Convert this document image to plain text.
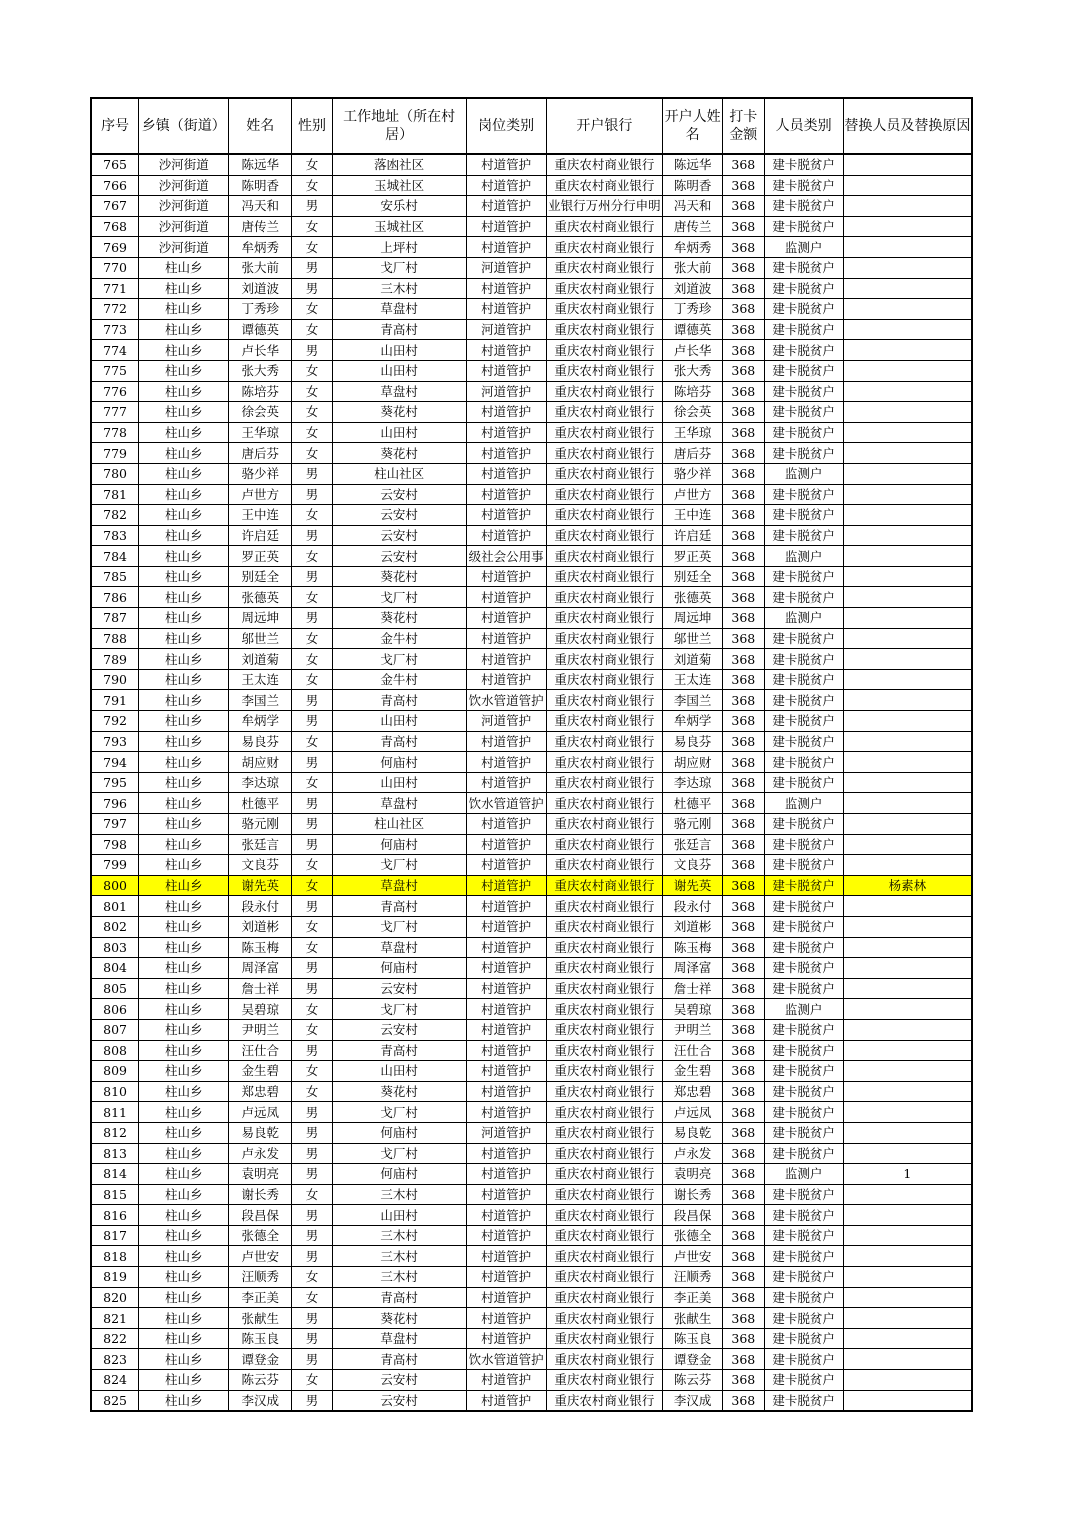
序号	乡镇（街道）	姓名	性别	工作地址（所在村居）	岗位类别	开户银行	开户人姓名	打卡金额	人员类别	替换人员及替换原因
765	沙河街道	陈远华	女	落凼社区	村道管护	重庆农村商业银行	陈远华	368	建卡脱贫户	
766	沙河街道	陈明香	女	玉城社区	村道管护	重庆农村商业银行	陈明香	368	建卡脱贫户	
767	沙河街道	冯天和	男	安乐村	村道管护	业银行万州分行申明	冯天和	368	建卡脱贫户	
768	沙河街道	唐传兰	女	玉城社区	村道管护	重庆农村商业银行	唐传兰	368	建卡脱贫户	
769	沙河街道	牟炳秀	女	上坪村	村道管护	重庆农村商业银行	牟炳秀	368	监测户	
770	柱山乡	张大前	男	戈厂村	河道管护	重庆农村商业银行	张大前	368	建卡脱贫户	
771	柱山乡	刘道波	男	三木村	村道管护	重庆农村商业银行	刘道波	368	建卡脱贫户	
772	柱山乡	丁秀珍	女	草盘村	村道管护	重庆农村商业银行	丁秀珍	368	建卡脱贫户	
773	柱山乡	谭德英	女	青高村	河道管护	重庆农村商业银行	谭德英	368	建卡脱贫户	
774	柱山乡	卢长华	男	山田村	村道管护	重庆农村商业银行	卢长华	368	建卡脱贫户	
775	柱山乡	张大秀	女	山田村	村道管护	重庆农村商业银行	张大秀	368	建卡脱贫户	
776	柱山乡	陈培芬	女	草盘村	河道管护	重庆农村商业银行	陈培芬	368	建卡脱贫户	
777	柱山乡	徐会英	女	葵花村	村道管护	重庆农村商业银行	徐会英	368	建卡脱贫户	
778	柱山乡	王华琼	女	山田村	村道管护	重庆农村商业银行	王华琼	368	建卡脱贫户	
779	柱山乡	唐后芬	女	葵花村	村道管护	重庆农村商业银行	唐后芬	368	建卡脱贫户	
780	柱山乡	骆少祥	男	柱山社区	村道管护	重庆农村商业银行	骆少祥	368	监测户	
781	柱山乡	卢世方	男	云安村	村道管护	重庆农村商业银行	卢世方	368	建卡脱贫户	
782	柱山乡	王中连	女	云安村	村道管护	重庆农村商业银行	王中连	368	建卡脱贫户	
783	柱山乡	许启廷	男	云安村	村道管护	重庆农村商业银行	许启廷	368	建卡脱贫户	
784	柱山乡	罗正英	女	云安村	级社会公用事	重庆农村商业银行	罗正英	368	监测户	
785	柱山乡	别廷全	男	葵花村	村道管护	重庆农村商业银行	别廷全	368	建卡脱贫户	
786	柱山乡	张德英	女	戈厂村	村道管护	重庆农村商业银行	张德英	368	建卡脱贫户	
787	柱山乡	周远坤	男	葵花村	村道管护	重庆农村商业银行	周远坤	368	监测户	
788	柱山乡	邬世兰	女	金牛村	村道管护	重庆农村商业银行	邬世兰	368	建卡脱贫户	
789	柱山乡	刘道菊	女	戈厂村	村道管护	重庆农村商业银行	刘道菊	368	建卡脱贫户	
790	柱山乡	王太连	女	金牛村	村道管护	重庆农村商业银行	王太连	368	建卡脱贫户	
791	柱山乡	李国兰	男	青高村	饮水管道管护	重庆农村商业银行	李国兰	368	建卡脱贫户	
792	柱山乡	牟炳学	男	山田村	河道管护	重庆农村商业银行	牟炳学	368	建卡脱贫户	
793	柱山乡	易良芬	女	青高村	村道管护	重庆农村商业银行	易良芬	368	建卡脱贫户	
794	柱山乡	胡应财	男	何庙村	村道管护	重庆农村商业银行	胡应财	368	建卡脱贫户	
795	柱山乡	李达琼	女	山田村	村道管护	重庆农村商业银行	李达琼	368	建卡脱贫户	
796	柱山乡	杜德平	男	草盘村	饮水管道管护	重庆农村商业银行	杜德平	368	监测户	
797	柱山乡	骆元刚	男	柱山社区	村道管护	重庆农村商业银行	骆元刚	368	建卡脱贫户	
798	柱山乡	张廷言	男	何庙村	村道管护	重庆农村商业银行	张廷言	368	建卡脱贫户	
799	柱山乡	文良芬	女	戈厂村	村道管护	重庆农村商业银行	文良芬	368	建卡脱贫户	
800	柱山乡	谢先英	女	草盘村	村道管护	重庆农村商业银行	谢先英	368	建卡脱贫户	杨素林
801	柱山乡	段永付	男	青高村	村道管护	重庆农村商业银行	段永付	368	建卡脱贫户	
802	柱山乡	刘道彬	女	戈厂村	村道管护	重庆农村商业银行	刘道彬	368	建卡脱贫户	
803	柱山乡	陈玉梅	女	草盘村	村道管护	重庆农村商业银行	陈玉梅	368	建卡脱贫户	
804	柱山乡	周泽富	男	何庙村	村道管护	重庆农村商业银行	周泽富	368	建卡脱贫户	
805	柱山乡	詹士祥	男	云安村	村道管护	重庆农村商业银行	詹士祥	368	建卡脱贫户	
806	柱山乡	吴碧琼	女	戈厂村	村道管护	重庆农村商业银行	吴碧琼	368	监测户	
807	柱山乡	尹明兰	女	云安村	村道管护	重庆农村商业银行	尹明兰	368	建卡脱贫户	
808	柱山乡	汪仕合	男	青高村	村道管护	重庆农村商业银行	汪仕合	368	建卡脱贫户	
809	柱山乡	金生碧	女	山田村	村道管护	重庆农村商业银行	金生碧	368	建卡脱贫户	
810	柱山乡	郑忠碧	女	葵花村	村道管护	重庆农村商业银行	郑忠碧	368	建卡脱贫户	
811	柱山乡	卢远凤	男	戈厂村	村道管护	重庆农村商业银行	卢远凤	368	建卡脱贫户	
812	柱山乡	易良乾	男	何庙村	河道管护	重庆农村商业银行	易良乾	368	建卡脱贫户	
813	柱山乡	卢永发	男	戈厂村	村道管护	重庆农村商业银行	卢永发	368	建卡脱贫户	
814	柱山乡	袁明亮	男	何庙村	村道管护	重庆农村商业银行	袁明亮	368	监测户	1
815	柱山乡	谢长秀	女	三木村	村道管护	重庆农村商业银行	谢长秀	368	建卡脱贫户	
816	柱山乡	段昌保	男	山田村	村道管护	重庆农村商业银行	段昌保	368	建卡脱贫户	
817	柱山乡	张德全	男	三木村	村道管护	重庆农村商业银行	张德全	368	建卡脱贫户	
818	柱山乡	卢世安	男	三木村	村道管护	重庆农村商业银行	卢世安	368	建卡脱贫户	
819	柱山乡	汪顺秀	女	三木村	村道管护	重庆农村商业银行	汪顺秀	368	建卡脱贫户	
820	柱山乡	李正美	女	青高村	村道管护	重庆农村商业银行	李正美	368	建卡脱贫户	
821	柱山乡	张献生	男	葵花村	村道管护	重庆农村商业银行	张献生	368	建卡脱贫户	
822	柱山乡	陈玉良	男	草盘村	村道管护	重庆农村商业银行	陈玉良	368	建卡脱贫户	
823	柱山乡	谭登金	男	青高村	饮水管道管护	重庆农村商业银行	谭登金	368	建卡脱贫户	
824	柱山乡	陈云芬	女	云安村	村道管护	重庆农村商业银行	陈云芬	368	建卡脱贫户	
825	柱山乡	李汉成	男	云安村	村道管护	重庆农村商业银行	李汉成	368	建卡脱贫户	
